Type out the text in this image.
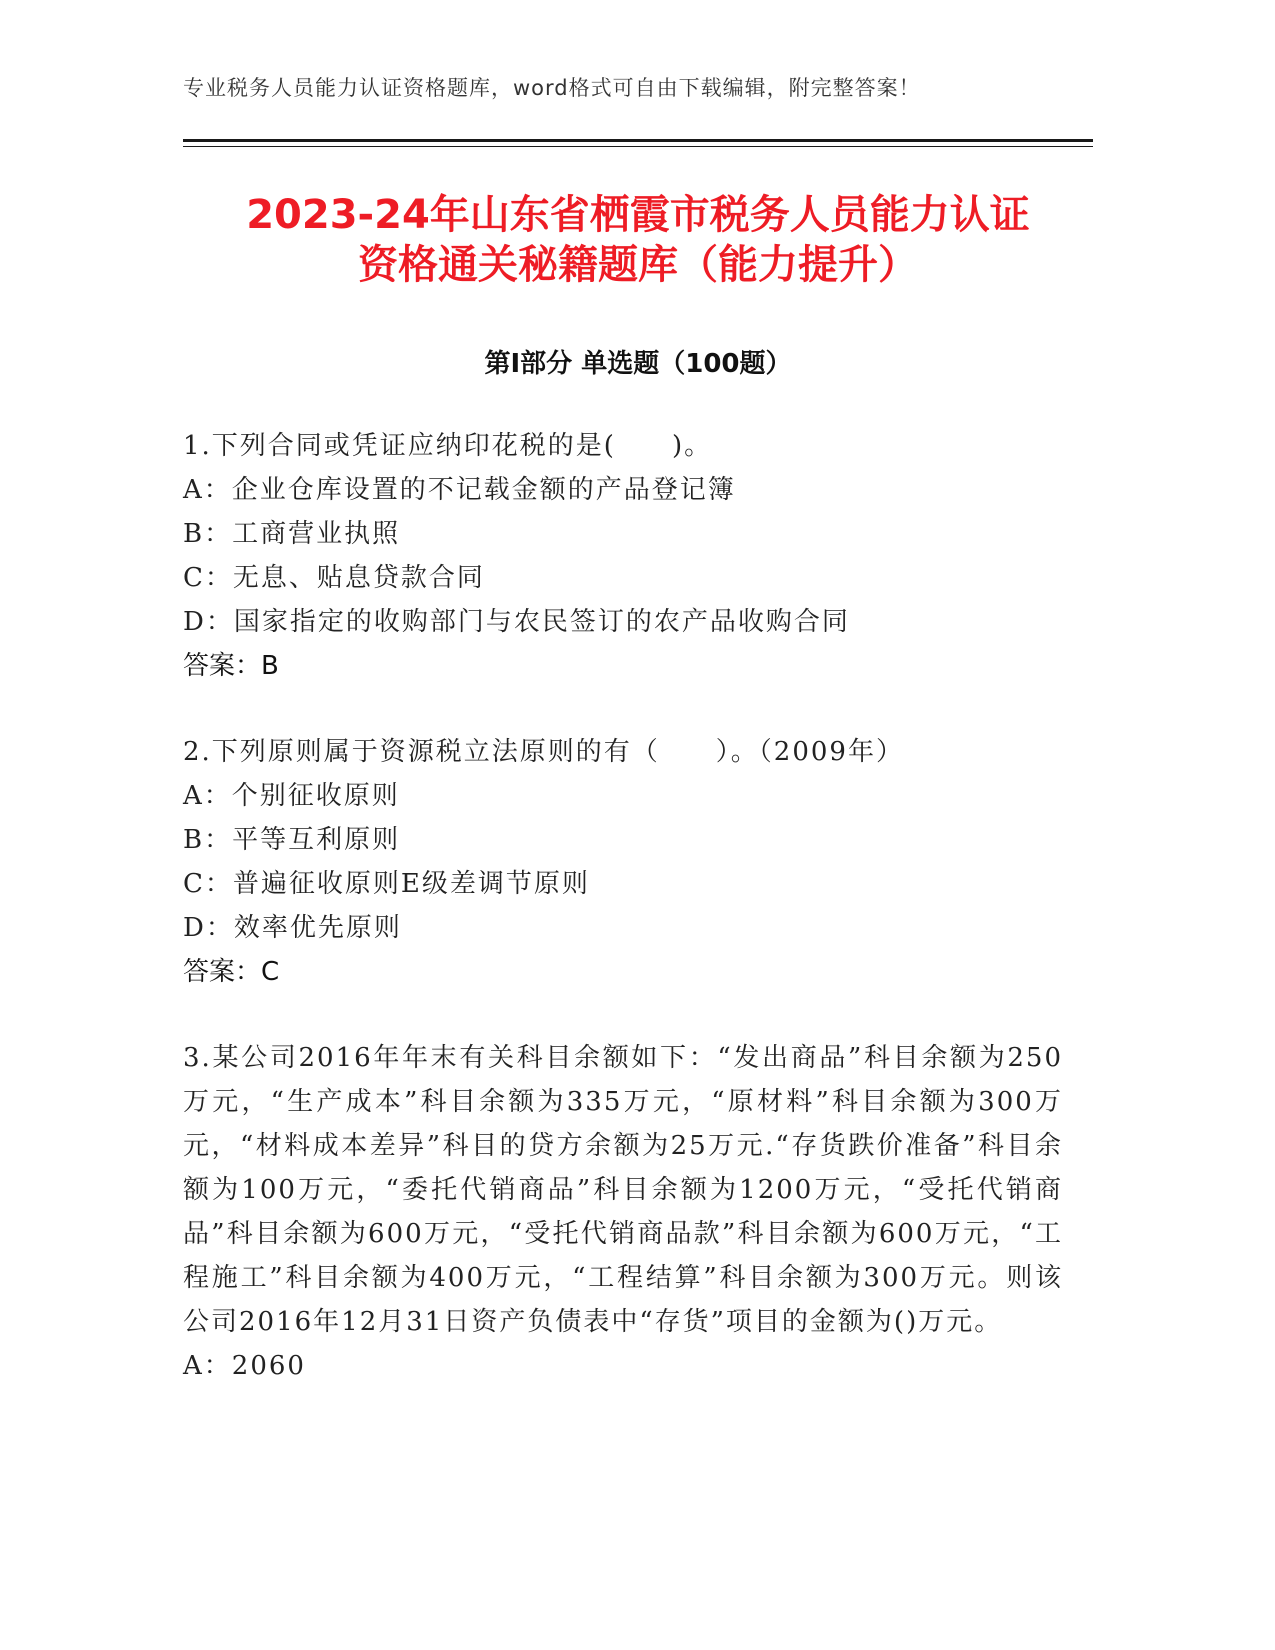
专业税务人员能力认证资格题库，word格式可自由下载编辑，附完整答案！
2023-24年山东省栖霞市税务人员能力认证
资格通关秘籍题库（能力提升）
第Ⅰ部分 单选题（100题）
1.下列合同或凭证应纳印花税的是(　　)。
A：企业仓库设置的不记载金额的产品登记簿
B：工商营业执照
C：无息、贴息贷款合同
D：国家指定的收购部门与农民签订的农产品收购合同
答案：B
2.下列原则属于资源税立法原则的有（　　）。（2009年）
A：个别征收原则
B：平等互利原则
C：普遍征收原则E级差调节原则
D：效率优先原则
答案：C
3.某公司2016年年末有关科目余额如下：“发出商品”科目余额为250万元，“生产成本”科目余额为335万元，“原材料”科目余额为300万元，“材料成本差异”科目的贷方余额为25万元.“存货跌价准备”科目余额为100万元，“委托代销商品”科目余额为1200万元，“受托代销商品”科目余额为600万元，“受托代销商品款”科目余额为600万元，“工程施工”科目余额为400万元，“工程结算”科目余额为300万元。则该公司2016年12月31日资产负债表中“存货”项目的金额为()万元。
A：2060
